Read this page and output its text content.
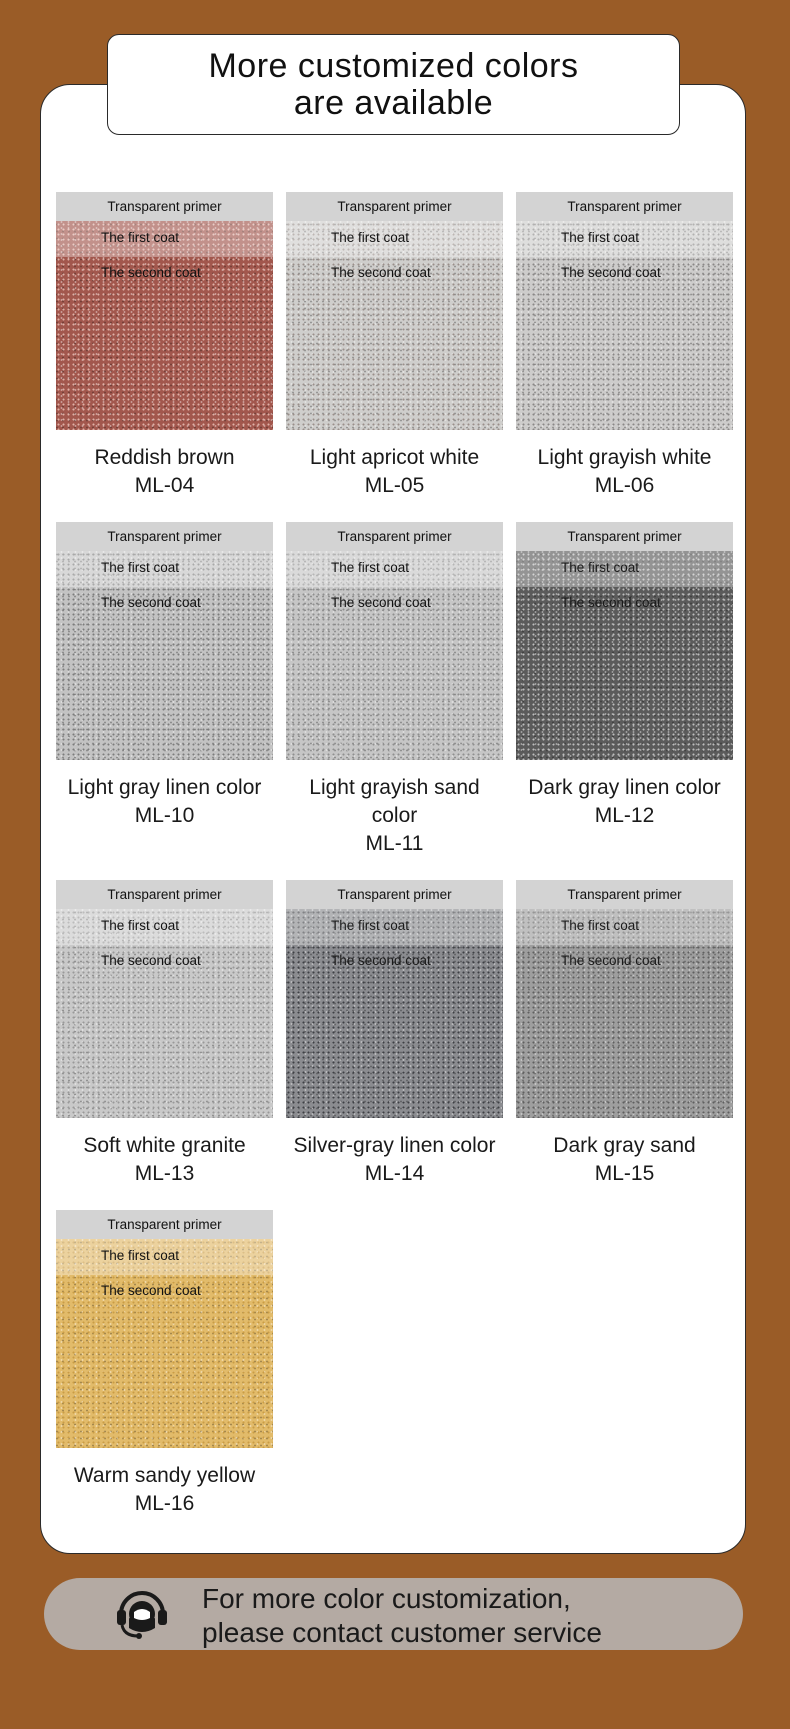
More customized colors
are available
Transparent primer
The first coat
The second coat
Reddish brown
ML-04
Transparent primer
The first coat
The second coat
Light apricot white
ML-05
Transparent primer
The first coat
The second coat
Light grayish white
ML-06
Transparent primer
The first coat
The second coat
Light gray linen color
ML-10
Transparent primer
The first coat
The second coat
Light grayish sand color
ML-11
Transparent primer
The first coat
The second coat
Dark gray linen color
ML-12
Transparent primer
The first coat
The second coat
Soft white granite
ML-13
Transparent primer
The first coat
The second coat
Silver-gray linen color
ML-14
Transparent primer
The first coat
The second coat
Dark gray sand
ML-15
Transparent primer
The first coat
The second coat
Warm sandy yellow
ML-16
For more color customization,
please contact customer service
